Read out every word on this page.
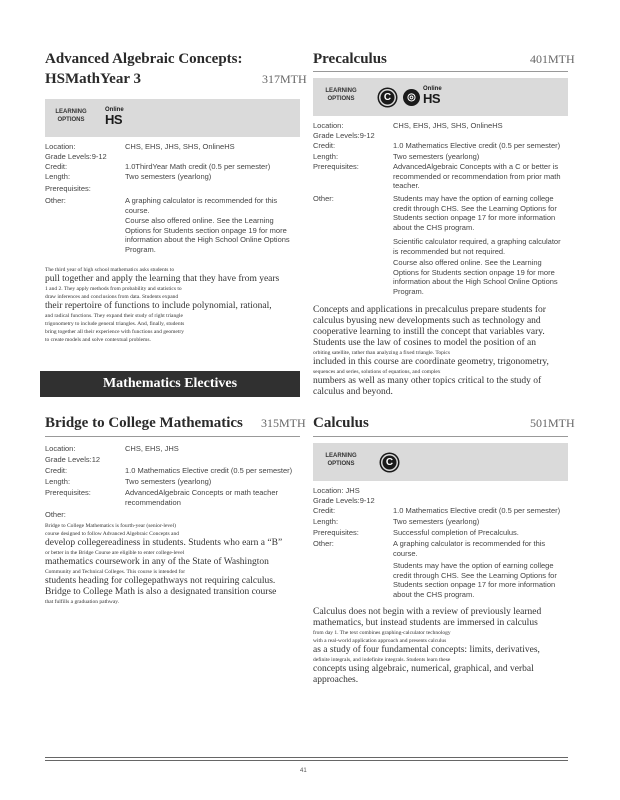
Advanced Algebraic Concepts:
HSMathYear 3	317MTH
LEARNING
OPTIONS
Online
HS
Location:	CHS, EHS, JHS, SHS, OnlineHS
Grade Levels:9-12
Credit:	1.0ThirdYear Math credit (0.5 per semester)
Length:	Two semesters (yearlong)
Prerequisites:
Other:	A graphing calculator is recommended for this course.
Course also offered online. See the Learning Options for Students section onpage 19 for more information about the High School Online Options Program.
The third year of high school mathematics asks students to
pull together and apply the learning that they have from years
1 and 2. They apply methods from probability and statistics to
draw inferences and conclusions from data. Students expand
their repertoire of functions to include polynomial, rational,
and radical functions. They expand their study of right triangle
trigonometry to include general triangles. And, finally, students
bring together all their experience with functions and geometry
to create models and solve contextual problems.
Mathematics Electives
Bridge to College Mathematics 315MTH
Location:	CHS, EHS, JHS
Grade Levels:12
Credit:	1.0 Mathematics Elective credit (0.5 per semester)
Length:	Two semesters (yearlong)
Prerequisites:	AdvancedAlgebraic Concepts or math teacher recommendation
Other:
Bridge to College Mathematics is fourth-year (senior-level)
course designed to follow Advanced Algebraic Concepts and
develop collegereadiness in students. Students who earn a “B”
or better in the Bridge Course are eligible to enter college-level
mathematics coursework in any of the State of Washington
Community and Technical Colleges. This course is intended for
students heading for collegepathways not requiring calculus.
Bridge to College Math is also a designated transition course
that fulfills a graduation pathway.
Precalculus	401MTH
LEARNING
OPTIONS	C	◎
Online
HS
Location:	CHS, EHS, JHS, SHS, OnlineHS
Grade Levels:9-12
Credit:	1.0 Mathematics Elective credit (0.5 per semester)
Length:	Two semesters (yearlong)
Prerequisites:	AdvancedAlgebraic Concepts with a C or better is recommended or recommendation from prior math teacher.
Other:	Students may have the option of earning college credit through CHS. See the Learning Options for Students section onpage 17 for more information about the CHS program.
Scientific calculator required, a graphing calculator is recommended but not required.
Course also offered online. See the Learning Options for Students section onpage 19 for more information about the High School Online Options Program.
Concepts and applications in precalculus prepare students for
calculus byusing new developments such as technology and
cooperative learning to instill the concept that variables vary.
Students use the law of cosines to model the position of an
orbiting satellite, rather than analyzing a fixed triangle. Topics
included in this course are coordinate geometry, trigonometry,
sequences and series, solutions of equations, and complex
numbers as well as many other topics critical to the study of
calculus and beyond.
Calculus	501MTH
LEARNING
OPTIONS	C
Location: JHS
Grade Levels:9-12
Credit:	1.0 Mathematics Elective credit (0.5 per semester)
Length:	Two semesters (yearlong)
Prerequisites:	Successful completion of Precalculus.
Other:	A graphing calculator is recommended for this course.
Students may have the option of earning college credit through CHS. See the Learning Options for Students section onpage 17 for more information about the CHS program.
Calculus does not begin with a review of previously learned
mathematics, but instead students are immersed in calculus
from day 1. The text combines graphing-calculator technology
with a real-world application approach and presents calculus
as a study of four fundamental concepts: limits, derivatives,
definite integrals, and indefinite integrals. Students learn these
concepts using algebraic, numerical, graphical, and verbal
approaches.
41
